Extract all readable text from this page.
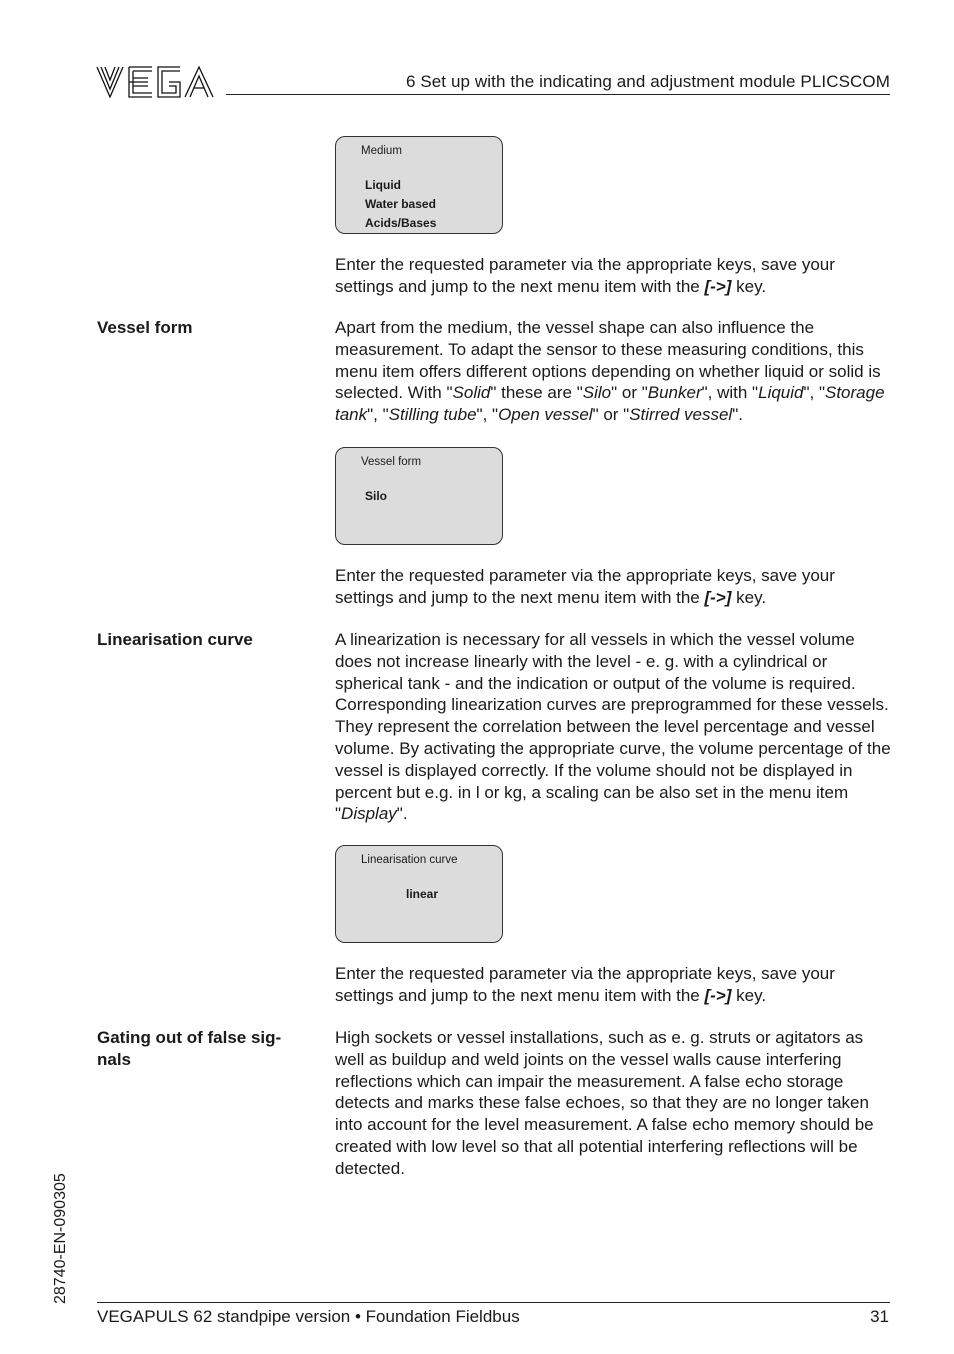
6 Set up with the indicating and adjustment module PLICSCOM
Medium
Liquid
Water based
Acids/Bases

Enter the requested parameter via the appropriate keys, save your settings and jump to the next menu item with the [->] key.

Vessel form	Apart from the medium, the vessel shape can also influence the measurement. To adapt the sensor to these measuring conditions, this menu item offers different options depending on whether liquid or solid is selected. With "Solid" these are "Silo" or "Bunker", with "Liquid", "Storage tank", "Stilling tube", "Open vessel" or "Stirred vessel".

Vessel form
Silo

Enter the requested parameter via the appropriate keys, save your settings and jump to the next menu item with the [->] key.

Linearisation curve	A linearization is necessary for all vessels in which the vessel volume does not increase linearly with the level - e. g. with a cylindrical or spherical tank - and the indication or output of the volume is required. Corresponding linearization curves are preprogrammed for these vessels. They represent the correlation between the level percentage and vessel volume. By activating the appropriate curve, the volume percentage of the vessel is displayed correctly. If the volume should not be displayed in percent but e.g. in l or kg, a scaling can be also set in the menu item "Display".

Linearisation curve
linear

Enter the requested parameter via the appropriate keys, save your settings and jump to the next menu item with the [->] key.

Gating out of false sig- nals

High sockets or vessel installations, such as e. g. struts or agitators as well as buildup and weld joints on the vessel walls cause interfering reflections which can impair the measurement. A false echo storage detects and marks these false echoes, so that they are no longer taken into account for the level measurement. A false echo memory should be created with low level so that all potential interfering reflections will be detected.

28740-EN-090305
VEGAPULS 62 standpipe version • Foundation Fieldbus	31
